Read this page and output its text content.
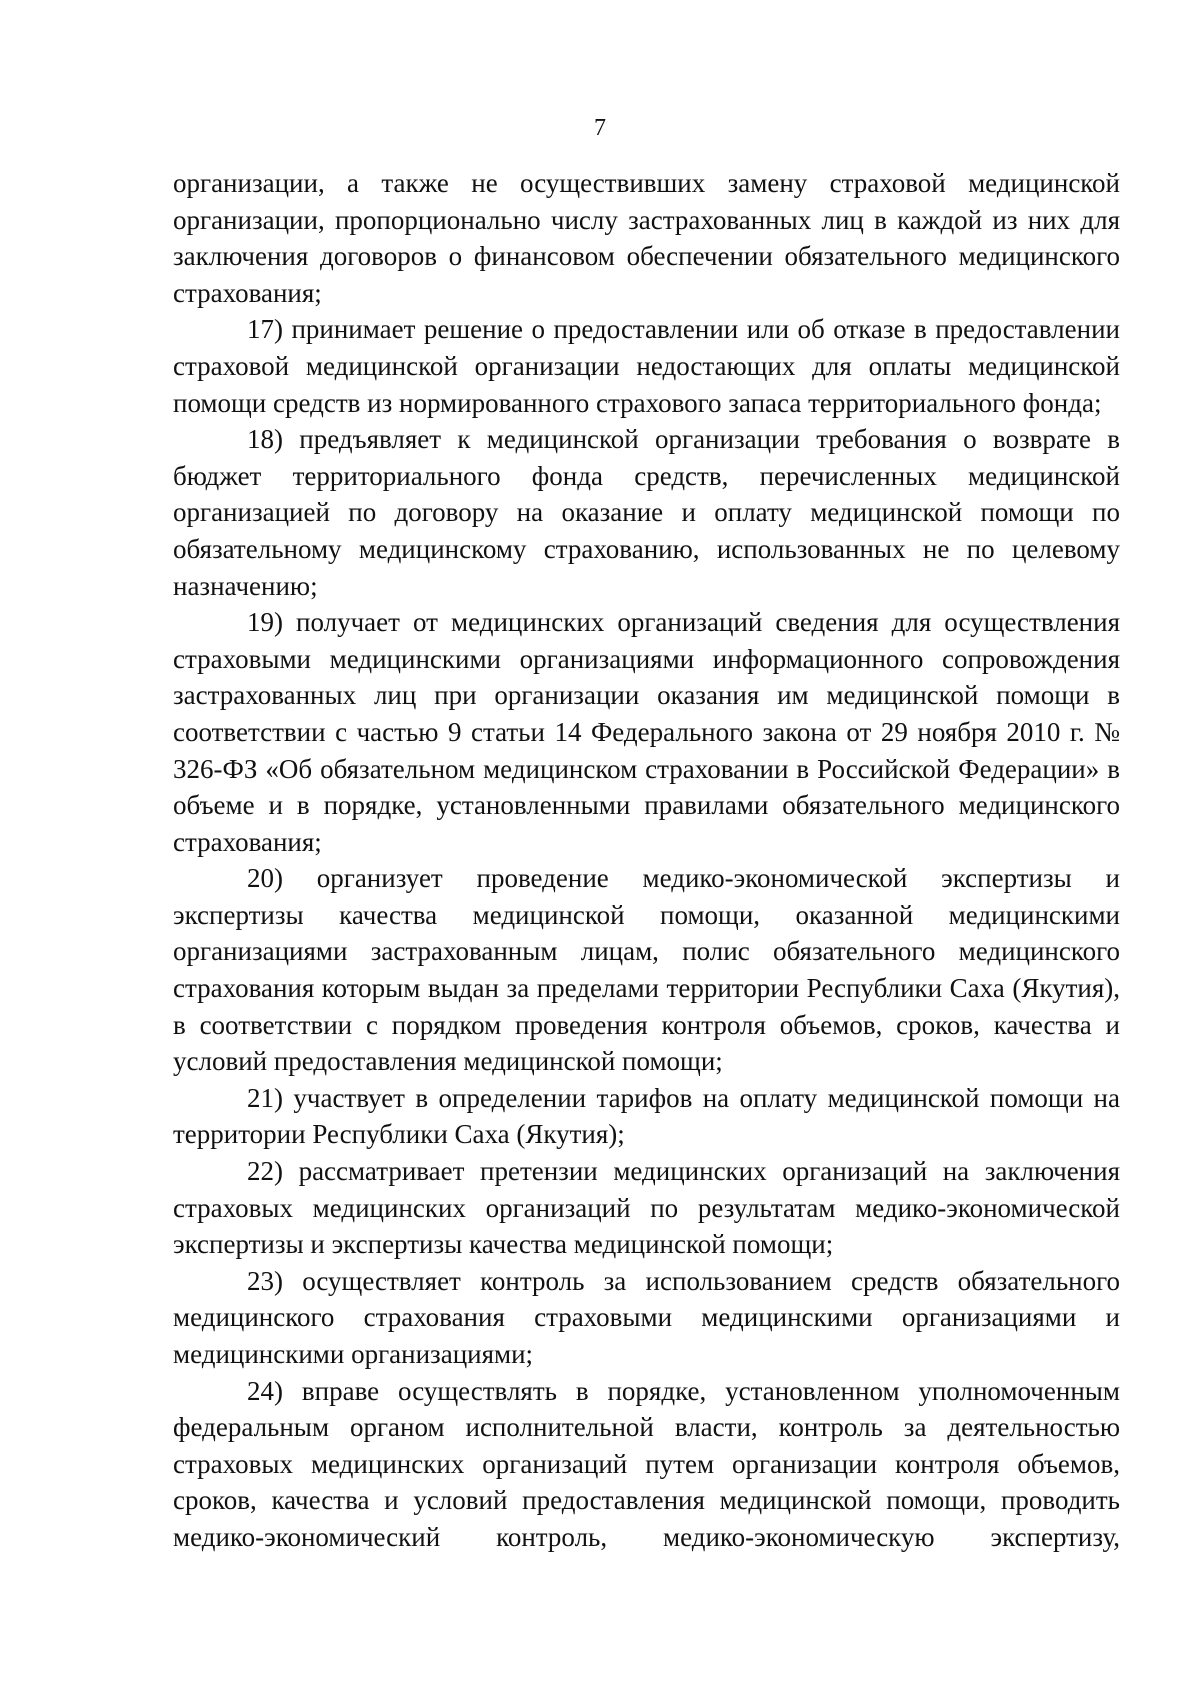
7

организации, а также не осуществивших замену страховой медицинской организации, пропорционально числу застрахованных лиц в каждой из них для заключения договоров о финансовом обеспечении обязательного медицинского страхования;

17) принимает решение о предоставлении или об отказе в предоставлении страховой медицинской организации недостающих для оплаты медицинской помощи средств из нормированного страхового запаса территориального фонда;

18) предъявляет к медицинской организации требования о возврате в бюджет территориального фонда средств, перечисленных медицинской организацией по договору на оказание и оплату медицинской помощи по обязательному медицинскому страхованию, использованных не по целевому назначению;

19) получает от медицинских организаций сведения для осуществления страховыми медицинскими организациями информационного сопровождения застрахованных лиц при организации оказания им медицинской помощи в соответствии с частью 9 статьи 14 Федерального закона от 29 ноября 2010 г. № 326-ФЗ «Об обязательном медицинском страховании в Российской Федерации» в объеме и в порядке, установленными правилами обязательного медицинского страхования;

20) организует проведение медико-экономической экспертизы и экспертизы качества медицинской помощи, оказанной медицинскими организациями застрахованным лицам, полис обязательного медицинского страхования которым выдан за пределами территории Республики Саха (Якутия), в соответствии с порядком проведения контроля объемов, сроков, качества и условий предоставления медицинской помощи;

21) участвует в определении тарифов на оплату медицинской помощи на территории Республики Саха (Якутия);

22) рассматривает претензии медицинских организаций на заключения страховых медицинских организаций по результатам медико-экономической экспертизы и экспертизы качества медицинской помощи;

23) осуществляет контроль за использованием средств обязательного медицинского страхования страховыми медицинскими организациями и медицинскими организациями;

24) вправе осуществлять в порядке, установленном уполномоченным федеральным органом исполнительной власти, контроль за деятельностью страховых медицинских организаций путем организации контроля объемов, сроков, качества и условий предоставления медицинской помощи, проводить медико-экономический контроль, медико-экономическую экспертизу,
